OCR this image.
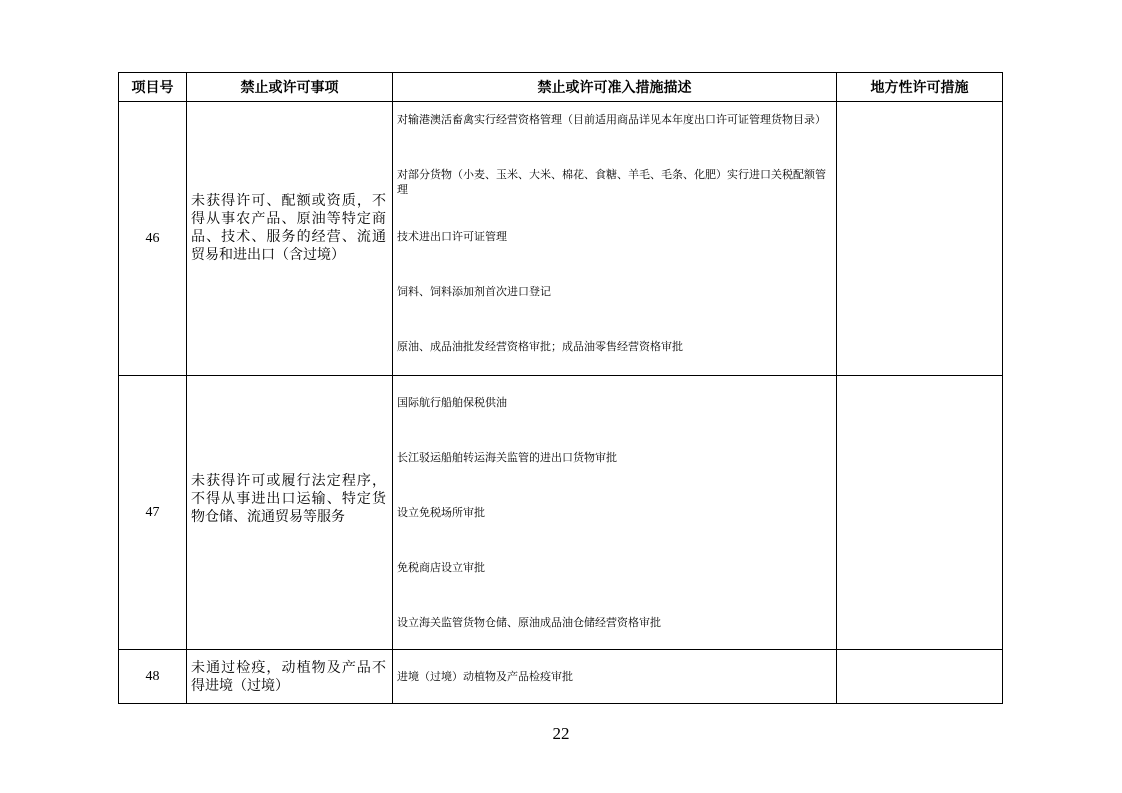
项目号	禁止或许可事项	禁止或许可准入措施描述	地方性许可措施
46	未获得许可、配额或资质，不得从事农产品、原油等特定商品、技术、服务的经营、流通贸易和进出口（含过境）	对输港澳活畜禽实行经营资格管理（目前适用商品详见本年度出口许可证管理货物目录）
对部分货物（小麦、玉米、大米、棉花、食糖、羊毛、毛条、化肥）实行进口关税配额管理
技术进出口许可证管理
饲料、饲料添加剂首次进口登记
原油、成品油批发经营资格审批；成品油零售经营资格审批	

47	未获得许可或履行法定程序，不得从事进出口运输、特定货物仓储、流通贸易等服务	国际航行船舶保税供油
长江驳运船舶转运海关监管的进出口货物审批
设立免税场所审批
免税商店设立审批
设立海关监管货物仓储、原油成品油仓储经营资格审批	

48	未通过检疫，动植物及产品不得进境（过境）	进境（过境）动植物及产品检疫审批	

22
